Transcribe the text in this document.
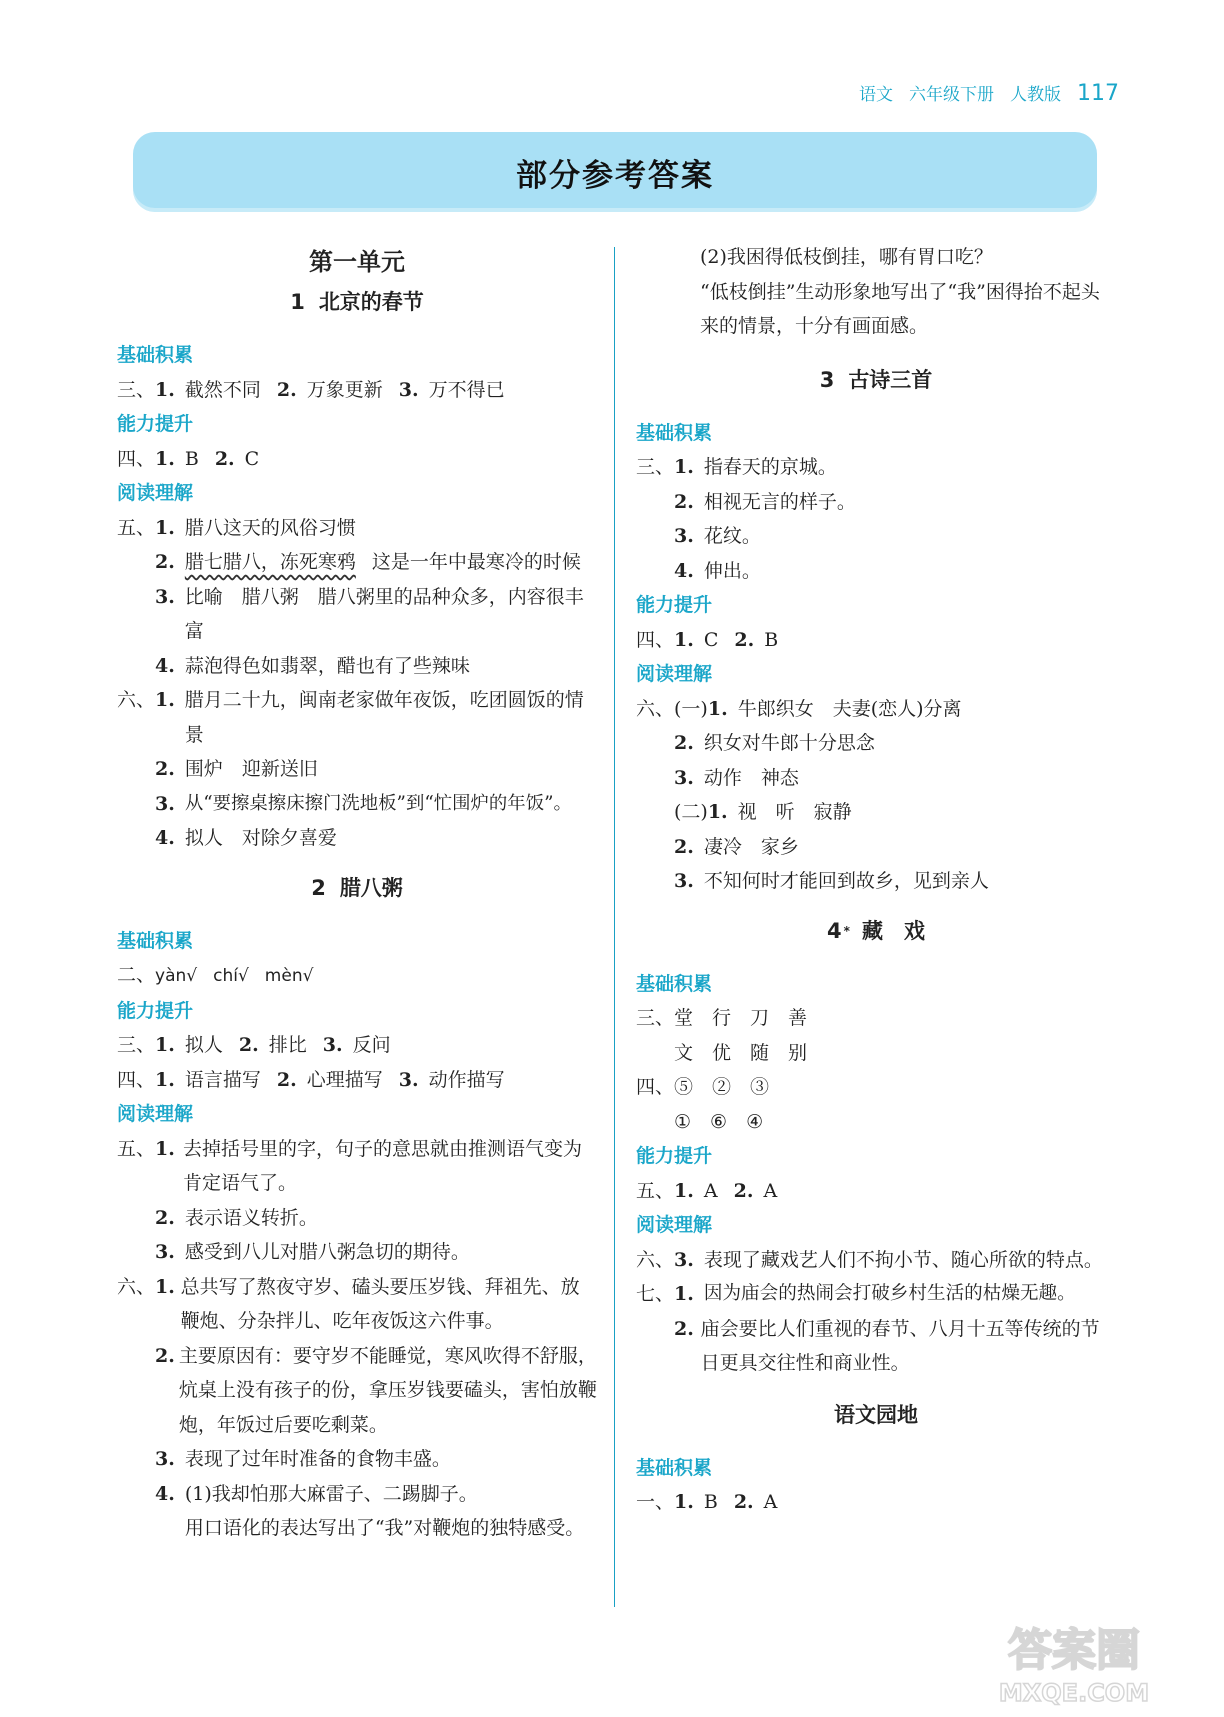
语文 六年级下册 人教版 117
部分参考答案
第一单元
1 北京的春节
基础积累
三、1. 截然不同 2. 万象更新 3. 万不得已
能力提升
四、1. B 2. C
阅读理解
五、 1. 腊八这天的风俗习惯
2. 腊七腊八，冻死寒鸦 这是一年中最寒冷的时候
3. 比喻　腊八粥　腊八粥里的品种众多，内容很丰富
4. 蒜泡得色如翡翠，醋也有了些辣味
六、 1. 腊月二十九，闽南老家做年夜饭，吃团圆饭的情景
2. 围炉　迎新送旧
3. 从“要擦桌擦床擦门洗地板”到“忙围炉的年饭”。
4. 拟人　对除夕喜爱
2 腊八粥
基础积累
二、yàn√ chí√ mèn√
能力提升
三、1. 拟人 2. 排比 3. 反问
四、1. 语言描写 2. 心理描写 3. 动作描写
阅读理解
五、 1. 去掉括号里的字，句子的意思就由推测语气变为肯定语气了。
2. 表示语义转折。
3. 感受到八儿对腊八粥急切的期待。
六、 1. 总共写了熬夜守岁、磕头要压岁钱、拜祖先、放鞭炮、分杂拌儿、吃年夜饭这六件事。
2. 主要原因有：要守岁不能睡觉，寒风吹得不舒服，炕桌上没有孩子的份，拿压岁钱要磕头，害怕放鞭炮，年饭过后要吃剩菜。
3. 表现了过年时准备的食物丰盛。
4. (1)我却怕那大麻雷子、二踢脚子。
用口语化的表达写出了“我”对鞭炮的独特感受。
(2)我困得低枝倒挂，哪有胃口吃？
“低枝倒挂”生动形象地写出了“我”困得抬不起头来的情景，十分有画面感。
3 古诗三首
基础积累
三、 1. 指春天的京城。
2. 相视无言的样子。
3. 花纹。
4. 伸出。
能力提升
四、1. C 2. B
阅读理解
六、(一)1. 牛郎织女　夫妻(恋人)分离
2. 织女对牛郎十分思念
3. 动作　神态
(二)1. 视　听　寂静
2. 凄冷　家乡
3. 不知何时才能回到故乡，见到亲人
4 * 藏　戏
基础积累
三、堂　行　刀　善
文　优　随　别
四、⑤　②　③
①　⑥　④
能力提升
五、1. A 2. A
阅读理解
六、 3. 表现了藏戏艺人们不拘小节、随心所欲的特点。
七、 1. 因为庙会的热闹会打破乡村生活的枯燥无趣。
2. 庙会要比人们重视的春节、八月十五等传统的节日更具交往性和商业性。
语文园地
基础积累
一、1. B 2. A
答案圈
MXQE.COM
